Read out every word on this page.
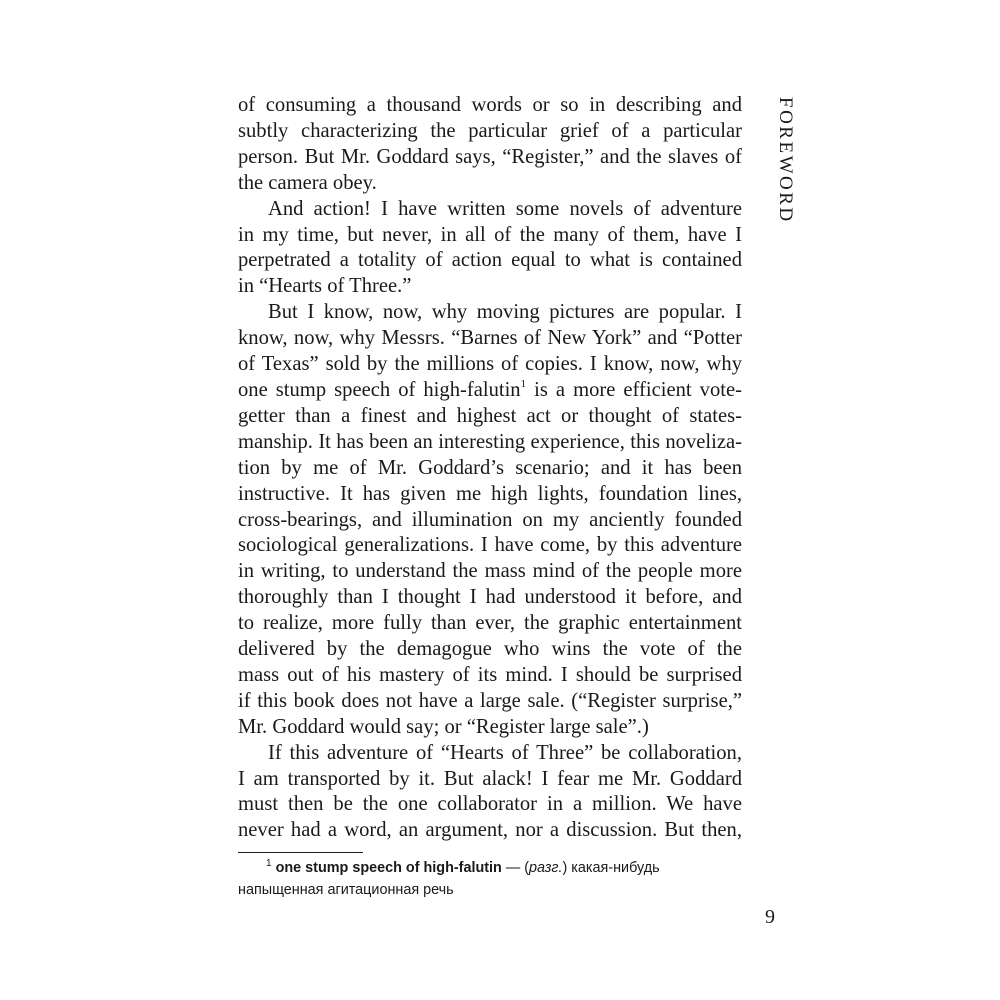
FOREWORD
of consuming a thousand words or so in describing and
subtly characterizing the particular grief of a particular
person. But Mr. Goddard says, “Register,” and the slaves of
the camera obey.
And action! I have written some novels of adventure
in my time, but never, in all of the many of them, have I
perpetrated a totality of action equal to what is contained
in “Hearts of Three.”
But I know, now, why moving pictures are popular. I
know, now, why Messrs. “Barnes of New York” and “Potter
of Texas” sold by the millions of copies. I know, now, why
one stump speech of high-falutin$^1$ is a more efficient vote-
getter than a finest and highest act or thought of states-
manship. It has been an interesting experience, this noveliza-
tion by me of Mr. Goddard’s scenario; and it has been
instructive. It has given me high lights, foundation lines,
cross-bearings, and illumination on my anciently founded
sociological generalizations. I have come, by this adventure
in writing, to understand the mass mind of the people more
thoroughly than I thought I had understood it before, and
to realize, more fully than ever, the graphic entertainment
delivered by the demagogue who wins the vote of the
mass out of his mastery of its mind. I should be surprised
if this book does not have a large sale. (“Register surprise,”
Mr. Goddard would say; or “Register large sale”.)
If this adventure of “Hearts of Three” be collaboration,
I am transported by it. But alack! I fear me Mr. Goddard
must then be the one collaborator in a million. We have
never had a word, an argument, nor a discussion. But then,
$^1$ one stump speech of high-falutin — (разг.) какая-нибудь
напыщенная агитационная речь
9
